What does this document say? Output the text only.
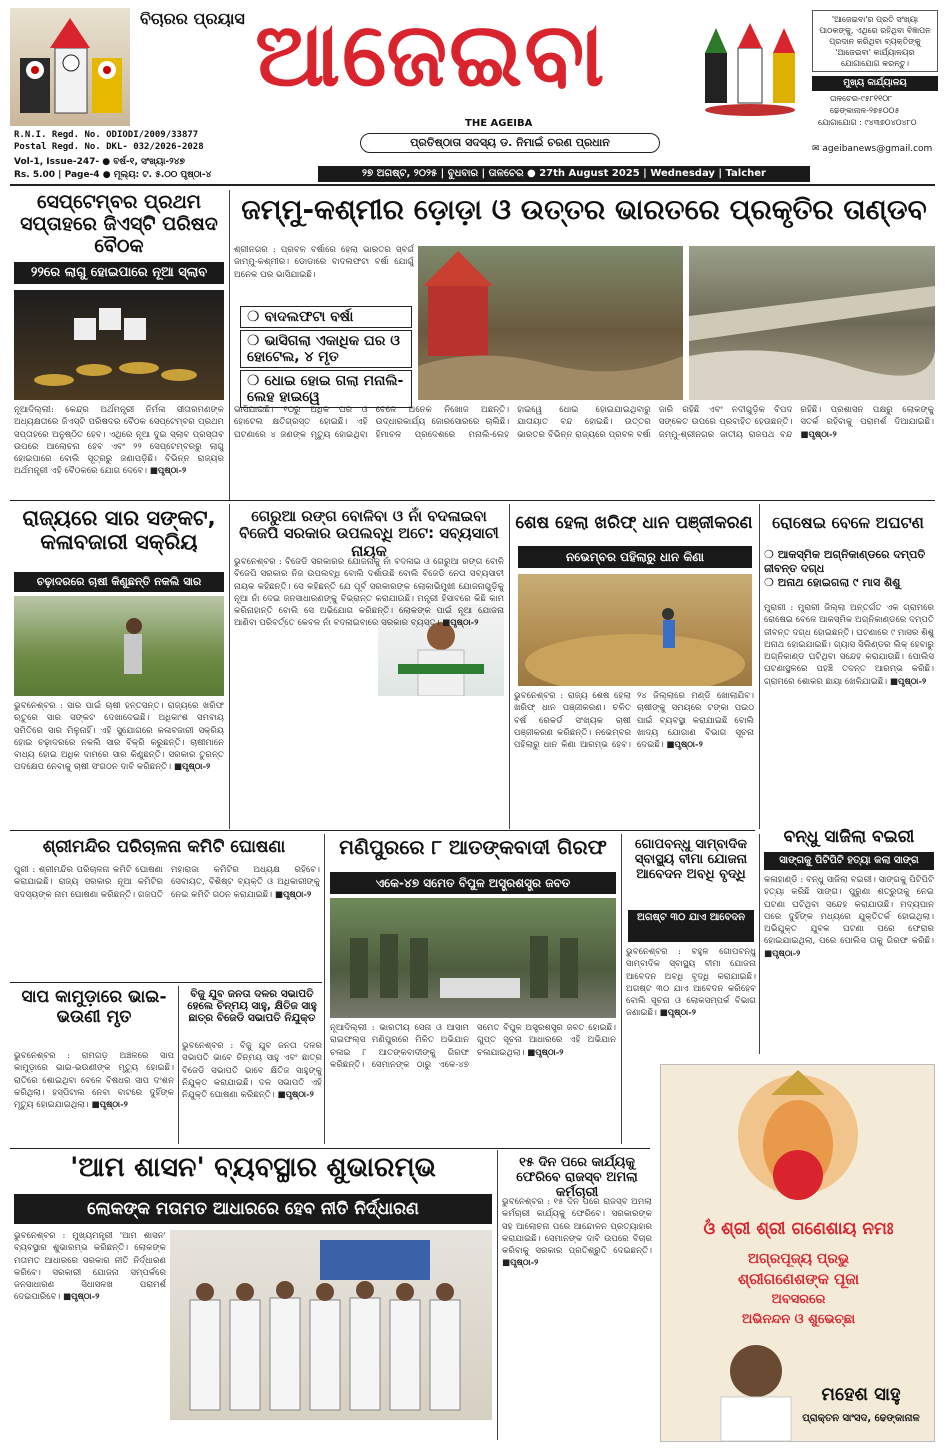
ବିଚାରର ପ୍ରୟାସ ଆଜେଇବା
THE AGEIBA
ପ୍ରତିଷ୍ଠାତା ସଦସ୍ୟ ଡ. ନିମାଇଁ ଚରଣ ପ୍ରଧାନ
'ଆଜେଇବା'ର ପ୍ରତି ସଂଖ୍ୟା ପାଠକଙ୍କୁ, ଏଥିରେ ରହିଥିବା ବିଜ୍ଞାପନ ପ୍ରଦାନ କରିଥିବା ବ୍ୟକ୍ତିଙ୍କୁ 'ଆଜେଇବା' କାର୍ଯ୍ୟାଳୟର ଯୋଗାଯୋଗ କରନ୍ତୁ।
ମୁଖ୍ୟ କାର୍ଯ୍ୟାଳୟ
ତାଳଚେର-୯୫୮୧୧୦୮
ଢେଙ୍କାନାଳ-୨୭୫୦୦୫
ଯୋଗାଯୋଗ : ୯୪୩୭୦୪୦୪୮୦
✉ ageibanews@gmail.com
R.N.I. Regd. No. ODIODI/2009/33877
Postal Regd. No. DKL- 032/2026-2028
Vol-1, Issue-247- ● ବର୍ଷ-୧, ସଂଖ୍ୟା-୨୪୭
Rs. 5.00 | Page-4 ● ମୂଲ୍ୟ: ଟ. ୫.୦୦ ପୃଷ୍ଠା-୪	୨୭ ଅଗଷ୍ଟ, ୨୦୨୫ | ବୁଧବାର | ତାଳଚେର ● 27th August 2025 | Wednesday | Talcher
ସେପ୍ଟେମ୍ବର ପ୍ରଥମ ସପ୍ତାହରେ ଜିଏସ୍‌ଟି ପରିଷଦ ବୈଠକ
୨୨ରେ ଲାଗୁ ହୋଇପାରେ ନୂଆ ସ୍ଲାବ
ନୂଆଦିଲ୍ଲୀ: କେନ୍ଦ୍ର ଅର୍ଥମନ୍ତ୍ରୀ ନିର୍ମଳା ସୀତାରମଣଙ୍କ ଅଧ୍ୟକ୍ଷତାରେ ଜିଏସ୍‌ଟି ପରିଷଦର ବୈଠକ ସେପ୍ଟେମ୍ବର ପ୍ରଥମ ସପ୍ତାହରେ ଅନୁଷ୍ଠିତ ହେବ। ଏଥିରେ ନୂଆ ଦୁଇ ସ୍ଲାବ ପ୍ରସ୍ତାବ ଉପରେ ଆଲୋଚନା ହେବ ଏବଂ ୨୨ ସେପ୍ଟେମ୍ବରରୁ ଲାଗୁ ହୋଇପାରେ ବୋଲି ସୂତ୍ରରୁ ଜଣାପଡ଼ିଛି। ବିଭିନ୍ନ ରାଜ୍ୟର ଅର୍ଥମନ୍ତ୍ରୀ ଏହି ବୈଠକରେ ଯୋଗ ଦେବେ। ■ପୃଷ୍ଠା-୨
ଜମ୍ମୁ-କଶ୍ମୀର ଡ଼ୋଡ଼ା ଓ ଉତ୍ତର ଭାରତରେ ପ୍ରକୃତିର ତାଣ୍ଡବ
ଶ୍ରୀନଗର : ପ୍ରବଳ ବର୍ଷାରେ ହେଲା ଭାରତର ସ୍ବର୍ଗ ଜାମ୍ମୁ-କଶ୍ମୀର। ଡୋଡାରେ ବାଦଲଫଟା ବର୍ଷା ଯୋଗୁଁ ଅନେକ ଘର ଭାସିଯାଇଛି।
❍ ବାଦଲଫଟା ବର୍ଷା
❍ ଭାସିଗଲା ଏକାଧିକ ଘର ଓ ହୋଟେଲ, ୪ ମୃତ
❍ ଧୋଇ ହୋଇ ଗଲା ମନାଲି-ଲେହ ହାଇୱେ
ଭାସିଯାଇଛି। ୧୦ରୁ ଅଧିକ ଘର ଓ ହୋଟେଲ କ୍ଷତିଗ୍ରସ୍ତ ହୋଇଛି। ଏହି ଘଟଣାରେ ୪ ଜଣଙ୍କ ମୃତ୍ୟୁ ହୋଇଥିବା ବେଳେ ଅନେକ ନିଖୋଜ ଅଛନ୍ତି। ଉଦ୍ଧାରକାର୍ଯ୍ୟ ଜୋରସୋରରେ ଚାଲିଛି। ହିମାଚଳ ପ୍ରଦେଶରେ ମନାଲି-ଲେହ ହାଇୱେ ଧୋଇ ହୋଇଯାଇଥିବାରୁ ଯାତାୟାତ ବନ୍ଦ ହୋଇଛି। ଉତ୍ତର ଭାରତର ବିଭିନ୍ନ ରାଜ୍ୟରେ ପ୍ରବଳ ବର୍ଷା ଜାରି ରହିଛି ଏବଂ ନଦୀଗୁଡ଼ିକ ବିପଦ ସଙ୍କେତ ଉପରେ ପ୍ରବାହିତ ହେଉଛନ୍ତି। ଜମ୍ମୁ-ଶ୍ରୀନଗର ଜାତୀୟ ରାଜପଥ ବନ୍ଦ ରହିଛି। ପ୍ରଶାସନ ପକ୍ଷରୁ ଲୋକଙ୍କୁ ସତର୍କ ରହିବାକୁ ପରାମର୍ଶ ଦିଆଯାଇଛି। ■ପୃଷ୍ଠା-୨
ରାଜ୍ୟରେ ସାର ସଙ୍କଟ, କଳାବଜାରୀ ସକ୍ରିୟ
ଚଢ଼ାଦରରେ ଚାଷୀ କିଣୁଛନ୍ତି ନକଲି ସାର
ଭୁବନେଶ୍ବର : ସାର ପାଇଁ ଚାଷୀ ହନ୍ତସନ୍ତ। ରାଜ୍ୟରେ ଖରିଫ ଋତୁରେ ସାର ସଙ୍କଟ ଦେଖାଦେଇଛି। ଅଧିକାଂଶ ସମବାୟ ସମିତିରେ ସାର ମିଳୁନାହିଁ। ଏହି ସୁଯୋଗରେ କଳାବଜାରୀ ସକ୍ରିୟ ହୋଇ ଚଢ଼ାଦରରେ ନକଲି ସାର ବିକ୍ରି କରୁଛନ୍ତି। ଚାଷୀମାନେ ବାଧ୍ୟ ହୋଇ ଅଧିକ ଦାମରେ ସାର କିଣୁଛନ୍ତି। ସରକାର ତୁରନ୍ତ ପଦକ୍ଷେପ ନେବାକୁ ଚାଷୀ ସଂଗଠନ ଦାବି କରିଛନ୍ତି। ■ପୃଷ୍ଠା-୨
ଗେରୁଆ ରଙ୍ଗ ବୋଳିବା ଓ ନାଁ ବଦଳାଇବା ବିଜେପି ସରକାର ଉପଲବ୍ଧି ଅଟେ: ସବ୍ୟସାଚୀ ନାୟକ
ଭୁବନେଶ୍ବର : ବିଜେଡି ସରକାରର ଯୋଜନାକୁ ନାଁ ବଦଳାଇ ଓ ଗେରୁଆ ରଙ୍ଗ ବୋଳି ବିଜେପି ସରକାର ନିଜ ଉପଲବ୍ଧି ବୋଲି ଦର୍ଶାଉଛି ବୋଲି ବିଜେଡି ନେତା ସବ୍ୟସାଚୀ ନାୟକ କହିଛନ୍ତି। ସେ କହିଛନ୍ତି ଯେ ପୂର୍ବ ସରକାରଙ୍କ ଲୋକାଭିମୁଖୀ ଯୋଜନାଗୁଡ଼ିକୁ ନୂଆ ନାଁ ଦେଇ ଜନସାଧାରଣଙ୍କୁ ବିଭ୍ରାନ୍ତ କରାଯାଉଛି। ମନ୍ତ୍ରୀ ହିସାବରେ କିଛି କାମ କରିନାହାନ୍ତି ବୋଲି ସେ ଅଭିଯୋଗ କରିଛନ୍ତି। ଲୋକଙ୍କ ପାଇଁ ନୂଆ ଯୋଜନା ଆଣିବା ପରିବର୍ତ୍ତେ କେବଳ ନାଁ ବଦଳାଇବାରେ ସରକାର ବ୍ୟସ୍ତ। ■ପୃଷ୍ଠା-୨
ଶେଷ ହେଲା ଖରିଫ୍ ଧାନ ପଞ୍ଜୀକରଣ
ନଭେମ୍ବର ପହିଲାରୁ ଧାନ କିଣା
ଭୁବନେଶ୍ବର : ରାଜ୍ୟ ଶେଷ ହେଲା ଖରିଫ୍ ଧାନ ପଞ୍ଜୀକରଣ। ଚଳିତ ବର୍ଷ ରେକର୍ଡ ସଂଖ୍ୟକ ଚାଷୀ ପଞ୍ଜୀକରଣ କରିଛନ୍ତି। ନଭେମ୍ବର ପହିଲାରୁ ଧାନ କିଣା ଆରମ୍ଭ ହେବ। ୨୪ ଜିଲ୍ଲାରେ ମଣ୍ଡି ଖୋଲାଯିବ। ଚାଷୀଙ୍କୁ ସମୟରେ ଟଙ୍କା ପଇଠ ପାଇଁ ବ୍ୟବସ୍ଥା କରାଯାଇଛି ବୋଲି ଖାଦ୍ୟ ଯୋଗାଣ ବିଭାଗ ସୂଚନା ଦେଇଛି। ■ପୃଷ୍ଠା-୨
ରୋଷେଇ ବେଳେ ଅଘଟଣ
❍ ଆକସ୍ମିକ ଅଗ୍ନିକାଣ୍ଡରେ ଦମ୍ପତି ଜୀବନ୍ତ ଦଗ୍ଧ
❍ ଅନାଥ ହୋଇଗଲା ୯ ମାସ ଶିଶୁ
ମୁରାରୀ : ମୁରାରୀ ଜିଲ୍ଲା ଅନ୍ତର୍ଗତ ଏକ ଗ୍ରାମରେ ରୋଷେଇ ବେଳେ ଆକସ୍ମିକ ଅଗ୍ନିକାଣ୍ଡରେ ଦମ୍ପତି ଜୀବନ୍ତ ଦଗ୍ଧ ହୋଇଛନ୍ତି। ଘଟଣାରେ ୯ ମାସର ଶିଶୁ ଅନାଥ ହୋଇଯାଇଛି। ଗ୍ୟାସ ସିଲିଣ୍ଡର ଲିକ୍ ହେବାରୁ ଅଗ୍ନିକାଣ୍ଡ ଘଟିଥିବା ସନ୍ଦେହ କରାଯାଉଛି। ପୋଲିସ ଘଟଣାସ୍ଥଳରେ ପହଞ୍ଚି ତଦନ୍ତ ଆରମ୍ଭ କରିଛି। ଗ୍ରାମରେ ଶୋକର ଛାୟା ଖେଳିଯାଇଛି। ■ପୃଷ୍ଠା-୨
ବନ୍ଧୁ ସାଜିଲା ବଇରୀ
ସାଙ୍ଗକୁ ପିଟିପିଟି ହତ୍ୟା କଲା ସାଙ୍ଗ
କଳାହାଣ୍ଡି : ବନ୍ଧୁ ସାଜିଲା ବଇରୀ। ସାଙ୍ଗକୁ ପିଟିପିଟି ହତ୍ୟା କରିଛି ସାଙ୍ଗ। ପୁରୁଣା ଶତ୍ରୁତାକୁ ନେଇ ଘଟଣା ଘଟିଥିବା ସନ୍ଦେହ କରାଯାଉଛି। ମଦ୍ୟପାନ ପରେ ଦୁହିଁଙ୍କ ମଧ୍ୟରେ ଯୁକ୍ତିତର୍କ ହୋଇଥିଲା। ଅଭିଯୁକ୍ତ ଯୁବକ ଘଟଣା ପରେ ଫେରାର ହୋଇଯାଇଥିଲା, ପରେ ପୋଲିସ ତାକୁ ଗିରଫ କରିଛି। ■ପୃଷ୍ଠା-୨
ଶ୍ରୀମନ୍ଦିର ପରିଚାଳନା କମିଟି ଘୋଷଣା
ପୁରୀ : ଶ୍ରୀମନ୍ଦିର ପରିଚାଳନା କମିଟି ଘୋଷଣା କରାଯାଇଛି। ରାଜ୍ୟ ସରକାର ନୂଆ କମିଟିର ସଦସ୍ୟଙ୍କ ନାମ ଘୋଷଣା କରିଛନ୍ତି। ଗଜପତି ମହାରାଜା କମିଟିର ଅଧ୍ୟକ୍ଷ ରହିବେ। ସେବାୟତ, ବିଶିଷ୍ଟ ବ୍ୟକ୍ତି ଓ ଅଧିକାରୀଙ୍କୁ ନେଇ କମିଟି ଗଠନ କରାଯାଇଛି। ■ପୃଷ୍ଠା-୨
ମଣିପୁରରେ ୮ ଆତଙ୍କବାଦୀ ଗିରଫ
ଏକେ-୪୭ ସମେତ ବିପୁଳ ଅସ୍ତ୍ରଶସ୍ତ୍ର ଜବତ
ନୂଆଦିଲ୍ଲୀ : ଭାରତୀୟ ସେନା ଓ ଆସାମ ରାଇଫଲ୍ସ ମଣିପୁରରେ ମିଳିତ ଅଭିଯାନ ଚଳାଇ ୮ ଆତଙ୍କବାଦୀଙ୍କୁ ଗିରଫ କରିଛନ୍ତି। ସେମାନଙ୍କ ଠାରୁ ଏକେ-୪୭ ସମେତ ବିପୁଳ ଅସ୍ତ୍ରଶସ୍ତ୍ର ଜବତ ହୋଇଛି। ଗୁପ୍ତ ସୂଚନା ଆଧାରରେ ଏହି ଅଭିଯାନ ଚଳାଯାଇଥିଲା। ■ପୃଷ୍ଠା-୨
ଗୋପବନ୍ଧୁ ସାମ୍ବାଦିକ ସ୍ବାସ୍ଥ୍ୟ ବୀମା ଯୋଜନା ଆବେଦନ ଅବଧି ବୃଦ୍ଧି
ଅଗଷ୍ଟ ୩୦ ଯାଏ ଆବେଦନ
ଭୁବନେଶ୍ବର : ବହୁଳ ଗୋପବନ୍ଧୁ ସାମ୍ବାଦିକ ସ୍ବାସ୍ଥ୍ୟ ବୀମା ଯୋଜନା ଆବେଦନ ଅବଧି ବୃଦ୍ଧି କରାଯାଇଛି। ଅଗଷ୍ଟ ୩୦ ଯାଏ ଆବେଦନ କରିହେବ ବୋଲି ସୂଚନା ଓ ଲୋକସମ୍ପର୍କ ବିଭାଗ ଜଣାଇଛି। ■ପୃଷ୍ଠା-୨
ସାପ କାମୁଡ଼ାରେ ଭାଇ-ଭଉଣୀ ମୃତ
ଭୁବନେଶ୍ବର : ରାମଗଡ଼ ଅଞ୍ଚଳରେ ସାପ କାମୁଡ଼ାରେ ଭାଇ-ଭଉଣୀଙ୍କ ମୃତ୍ୟୁ ହୋଇଛି। ରାତିରେ ଶୋଇଥିବା ବେଳେ ବିଷଧର ସାପ ଦଂଶନ କରିଥିଲା। ହସ୍ପିଟାଲ ନେବା ବାଟରେ ଦୁହିଁଙ୍କ ମୃତ୍ୟୁ ହୋଇଯାଇଥିଲା। ■ପୃଷ୍ଠା-୨
ବିଜୁ ଯୁବ ଜନତା ଦଳର ସଭାପତି ହେଲେ ଚିନ୍ମୟ ସାହୁ, କ୍ଷିତିଜ ସାହୁ ଛାତ୍ର ବିଜେଡି ସଭାପତି ନିଯୁକ୍ତ
ଭୁବନେଶ୍ବର : ବିଜୁ ଯୁବ ଜନତା ଦଳର ସଭାପତି ଭାବେ ଚିନ୍ମୟ ସାହୁ ଏବଂ ଛାତ୍ର ବିଜେଡି ସଭାପତି ଭାବେ କ୍ଷିତିଜ ସାହୁଙ୍କୁ ନିଯୁକ୍ତ କରାଯାଇଛି। ଦଳ ସଭାପତି ଏହି ନିଯୁକ୍ତି ଘୋଷଣା କରିଛନ୍ତି। ■ପୃଷ୍ଠା-୨
'ଆମ ଶାସନ' ବ୍ୟବସ୍ଥାର ଶୁଭାରମ୍ଭ
ଲୋକଙ୍କ ମତାମତ ଆଧାରରେ ହେବ ନୀତି ନିର୍ଦ୍ଧାରଣ
ଭୁବନେଶ୍ବର : ମୁଖ୍ୟମନ୍ତ୍ରୀ 'ଆମ ଶାସନ' ବ୍ୟବସ୍ଥାର ଶୁଭାରମ୍ଭ କରିଛନ୍ତି। ଲୋକଙ୍କ ମତାମତ ଆଧାରରେ ସରକାର ନୀତି ନିର୍ଦ୍ଧାରଣ କରିବେ। ସରକାରୀ ଯୋଜନା ସମ୍ପର୍କରେ ଜନସାଧାରଣ ସିଧାସଳଖ ପରାମର୍ଶ ଦେଇପାରିବେ। ■ପୃଷ୍ଠା-୨
୧୫ ଦିନ ପରେ କାର୍ଯ୍ୟକୁ ଫେରିବେ ରାଜସ୍ବ ଅମଲା କର୍ମଚାରୀ
ଭୁବନେଶ୍ବର : ୧୫ ଦିନ ପରେ ରାଜସ୍ବ ଅମଲା କର୍ମଚାରୀ କାର୍ଯ୍ୟକୁ ଫେରିବେ। ସରକାରଙ୍କ ସହ ଆଲୋଚନା ପରେ ଆନ୍ଦୋଳନ ପ୍ରତ୍ୟାହାର କରାଯାଇଛି। ସେମାନଙ୍କ ଦାବି ଉପରେ ବିଚାର କରିବାକୁ ସରକାର ପ୍ରତିଶ୍ରୁତି ଦେଇଛନ୍ତି। ■ପୃଷ୍ଠା-୨
ଓଁ ଶ୍ରୀ ଶ୍ରୀ ଗଣେଶାୟ ନମଃ
ଅଗ୍ରପୂଜ୍ୟ ପ୍ରଭୁ
ଶ୍ରୀଗଣେଶଙ୍କ ପୂଜା
ଅବସରରେ
ଅଭିନନ୍ଦନ ଓ ଶୁଭେଚ୍ଛା
ମହେଶ ସାହୁ
ପ୍ରାକ୍ତନ ସାଂସଦ, ଢେଙ୍କାନାଳ
